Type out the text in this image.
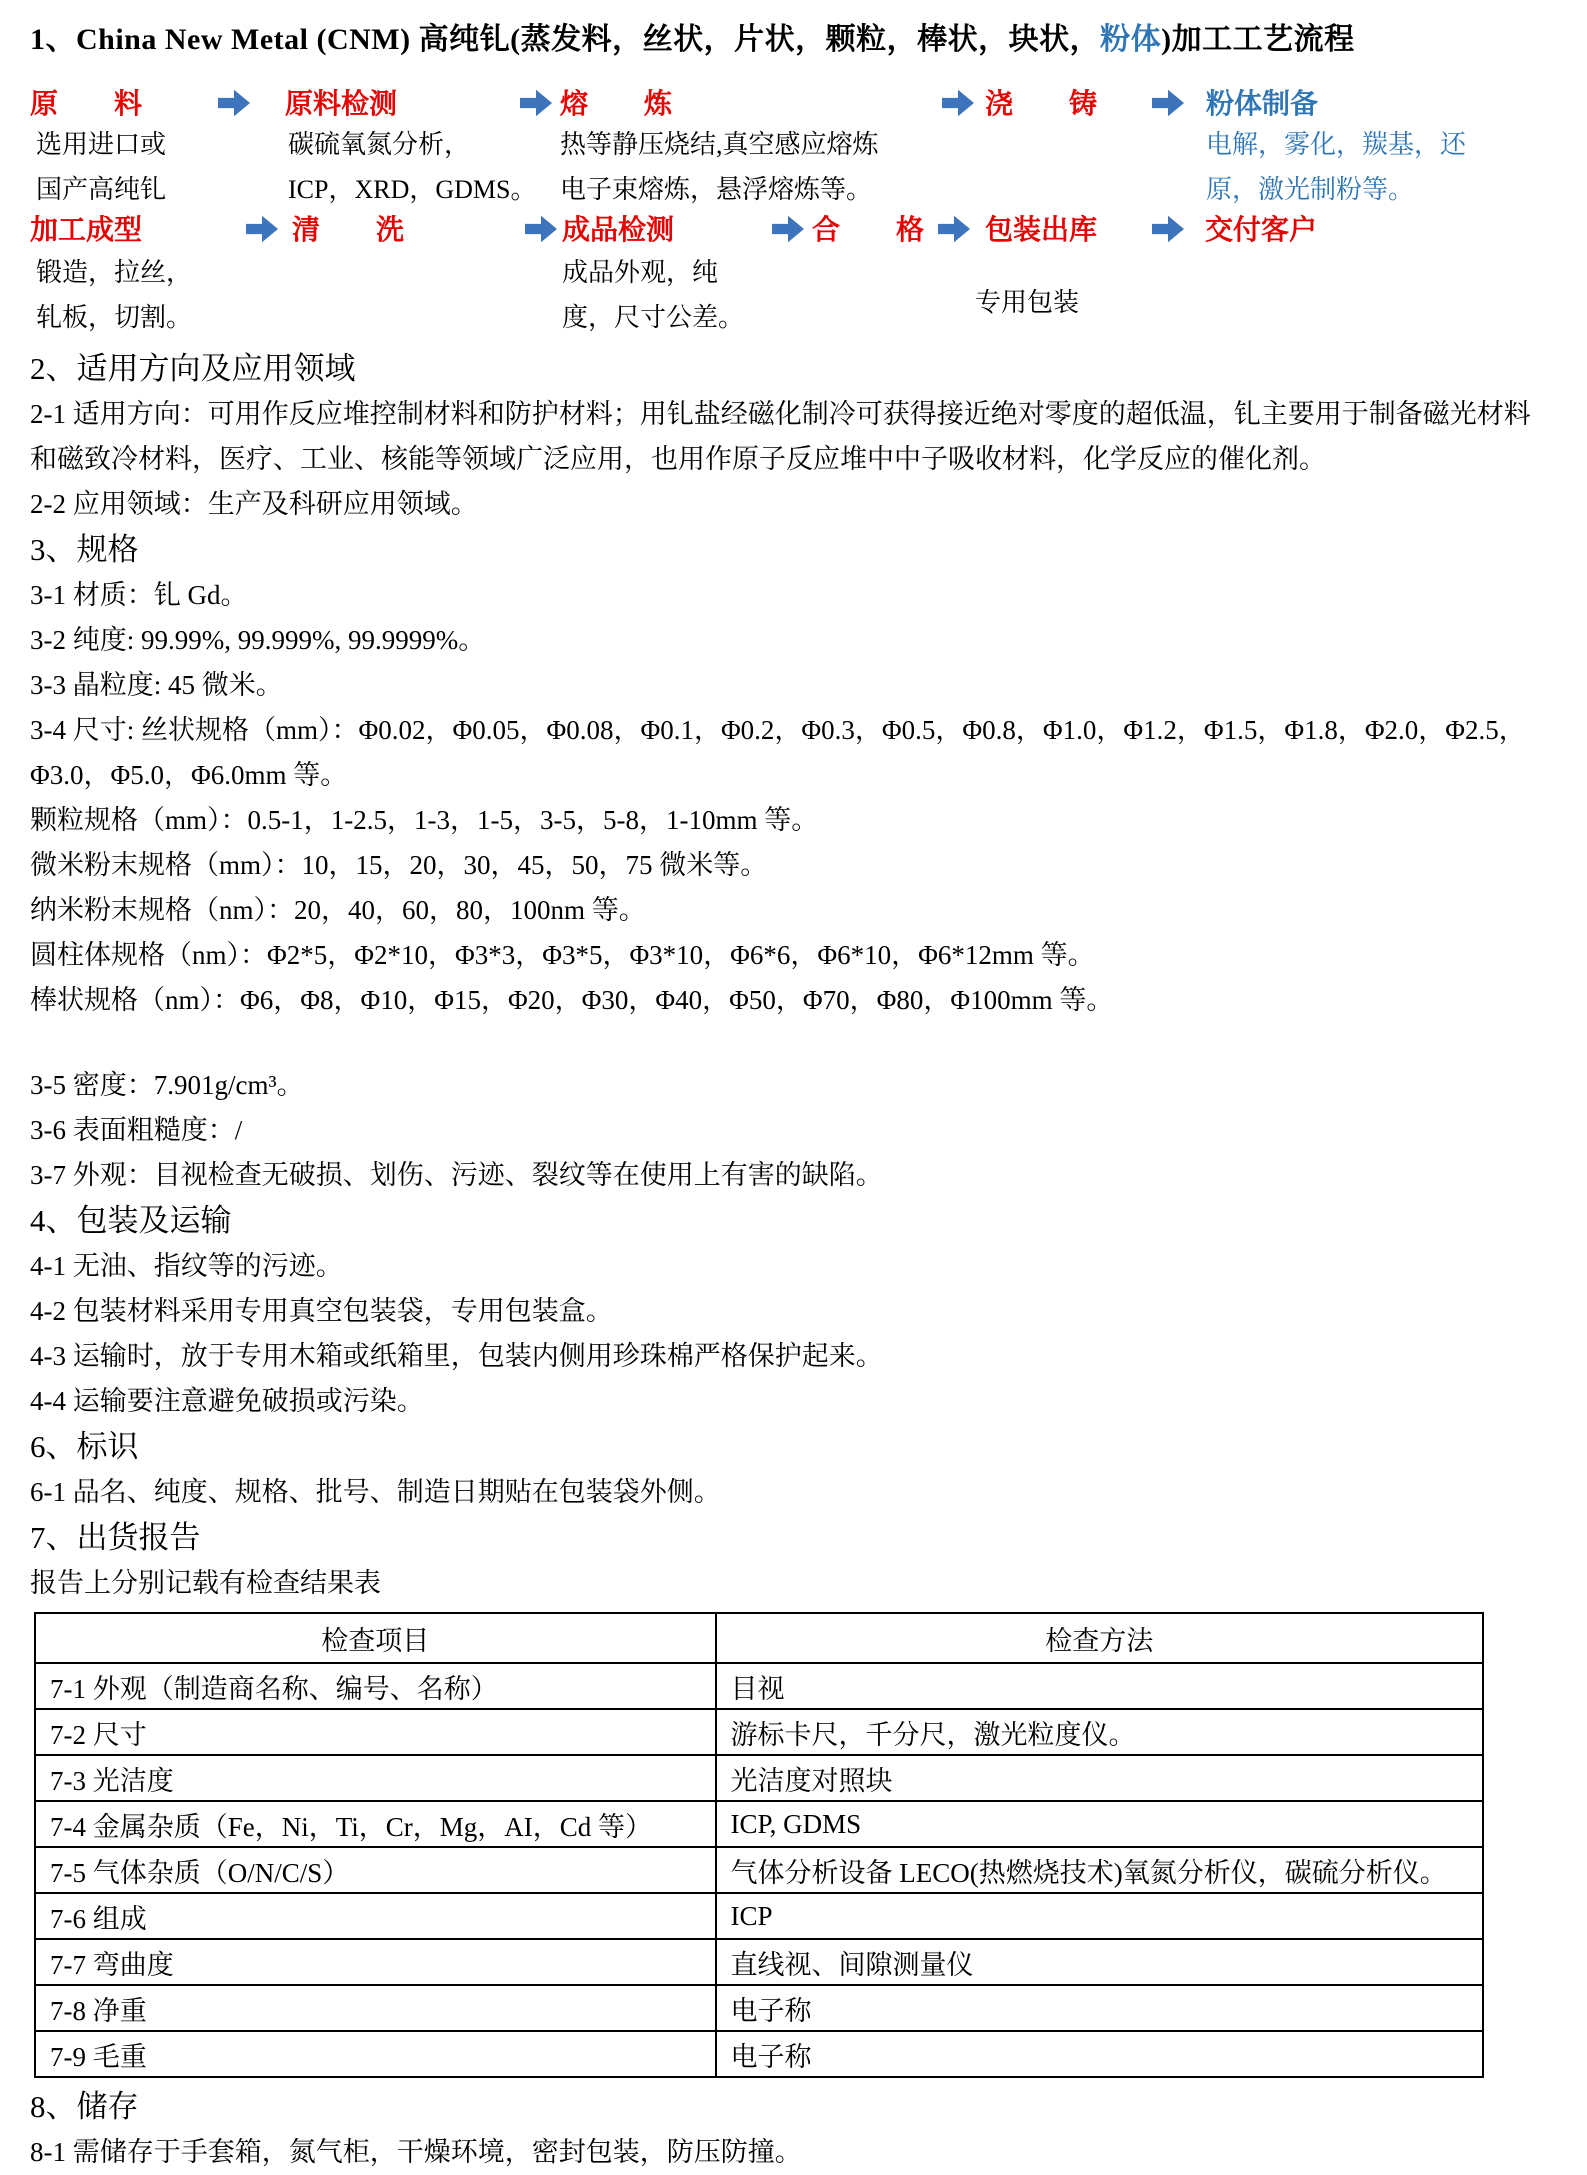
1、China New Metal (CNM) 高纯钆(蒸发料，丝状，片状，颗粒，棒状，块状，粉体)加工工艺流程
原　　料	原料检测	熔　　炼	浇　　铸	粉体制备
选用进口或
国产高纯钆
碳硫氧氮分析，
ICP，XRD，GDMS。
热等静压烧结,真空感应熔炼
电子束熔炼，悬浮熔炼等。
电解，雾化，羰基，还
原，激光制粉等。
加工成型	清　　洗	成品检测	合　　格 包装出库	交付客户
锻造，拉丝，
轧板，切割。
成品外观，纯
度，尺寸公差。
专用包装

2、适用方向及应用领域

2-1 适用方向：可用作反应堆控制材料和防护材料；用钆盐经磁化制冷可获得接近绝对零度的超低温，钆主要用于制备磁光材料和磁致冷材料，医疗、工业、核能等领域广泛应用，也用作原子反应堆中中子吸收材料，化学反应的催化剂。

2-2 应用领域：生产及科研应用领域。

3、规格

3-1 材质：钆 Gd。

3-2 纯度: 99.99%, 99.999%, 99.9999%。

3-3 晶粒度: 45 微米。

3-4 尺寸: 丝状规格（mm）：Φ0.02，Φ0.05，Φ0.08，Φ0.1，Φ0.2，Φ0.3，Φ0.5，Φ0.8，Φ1.0，Φ1.2，Φ1.5，Φ1.8，Φ2.0，Φ2.5，Φ3.0，Φ5.0，Φ6.0mm 等。

颗粒规格（mm）：0.5-1，1-2.5，1-3，1-5，3-5，5-8，1-10mm 等。

微米粉末规格（mm）：10，15，20，30，45，50，75 微米等。

纳米粉末规格（nm）：20，40，60，80，100nm 等。

圆柱体规格（nm）：Φ2*5，Φ2*10，Φ3*3，Φ3*5，Φ3*10，Φ6*6，Φ6*10，Φ6*12mm 等。

棒状规格（nm）：Φ6，Φ8，Φ10，Φ15，Φ20，Φ30，Φ40，Φ50，Φ70，Φ80，Φ100mm 等。

3-5 密度：7.901g/cm³。

3-6 表面粗糙度：/

3-7 外观：目视检查无破损、划伤、污迹、裂纹等在使用上有害的缺陷。

4、包装及运输

4-1 无油、指纹等的污迹。

4-2 包装材料采用专用真空包装袋，专用包装盒。

4-3 运输时，放于专用木箱或纸箱里，包装内侧用珍珠棉严格保护起来。

4-4 运输要注意避免破损或污染。

6、标识

6-1 品名、纯度、规格、批号、制造日期贴在包装袋外侧。

7、出货报告

报告上分别记载有检查结果表

检查项目	检查方法
7-1 外观（制造商名称、编号、名称）	目视
7-2 尺寸	游标卡尺，千分尺，激光粒度仪。
7-3 光洁度	光洁度对照块
7-4 金属杂质（Fe，Ni，Ti，Cr，Mg，AI，Cd 等）	ICP, GDMS
7-5 气体杂质（O/N/C/S）	气体分析设备 LECO(热燃烧技术)氧氮分析仪，碳硫分析仪。
7-6 组成	ICP
7-7 弯曲度	直线视、间隙测量仪
7-8 净重	电子称
7-9 毛重	电子称

8、储存

8-1 需储存于手套箱，氮气柜，干燥环境，密封包装，防压防撞。
